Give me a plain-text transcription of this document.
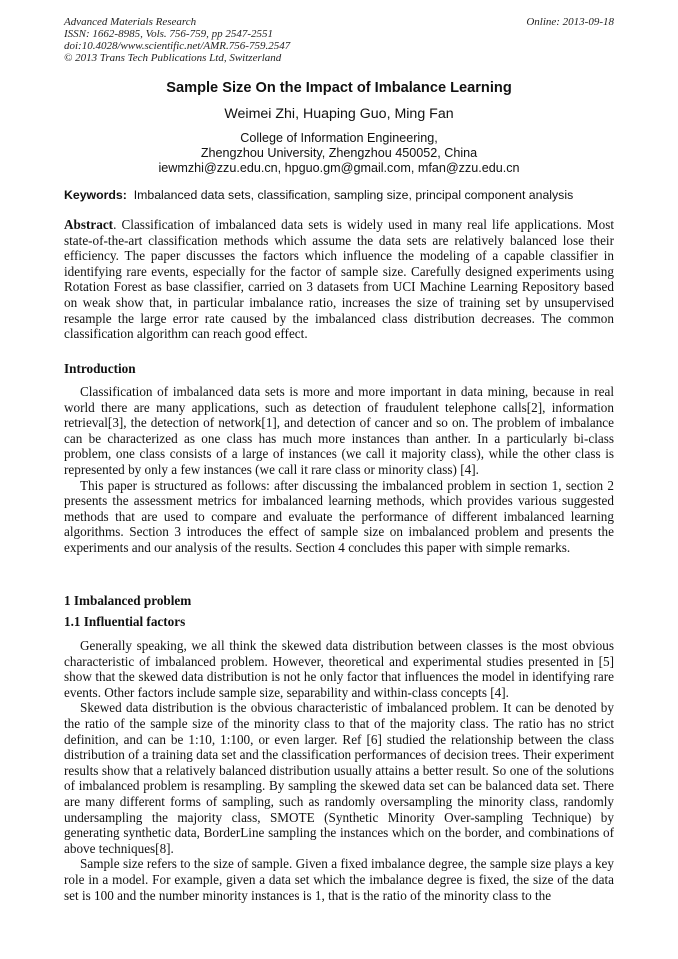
Advanced Materials Research
ISSN: 1662-8985, Vols. 756-759, pp 2547-2551
doi:10.4028/www.scientific.net/AMR.756-759.2547
© 2013 Trans Tech Publications Ltd, Switzerland
Online: 2013-09-18
Sample Size On the Impact of Imbalance Learning
Weimei Zhi, Huaping Guo, Ming Fan
College of Information Engineering,
Zhengzhou University, Zhengzhou 450052, China
iewmzhi@zzu.edu.cn, hpguo.gm@gmail.com, mfan@zzu.edu.cn
Keywords: Imbalanced data sets, classification, sampling size, principal component analysis
Abstract. Classification of imbalanced data sets is widely used in many real life applications. Most state-of-the-art classification methods which assume the data sets are relatively balanced lose their efficiency. The paper discusses the factors which influence the modeling of a capable classifier in identifying rare events, especially for the factor of sample size. Carefully designed experiments using Rotation Forest as base classifier, carried on 3 datasets from UCI Machine Learning Repository based on weak show that, in particular imbalance ratio, increases the size of training set by unsupervised resample the large error rate caused by the imbalanced class distribution decreases. The common classification algorithm can reach good effect.
Introduction

Classification of imbalanced data sets is more and more important in data mining, because in real world there are many applications, such as detection of fraudulent telephone calls[2], information retrieval[3], the detection of network[1], and detection of cancer and so on. The problem of imbalance can be characterized as one class has much more instances than anther. In a particularly bi-class problem, one class consists of a large of instances (we call it majority class), while the other class is represented by only a few instances (we call it rare class or minority class) [4].

This paper is structured as follows: after discussing the imbalanced problem in section 1, section 2 presents the assessment metrics for imbalanced learning methods, which provides various suggested methods that are used to compare and evaluate the performance of different imbalanced learning algorithms. Section 3 introduces the effect of sample size on imbalanced problem and presents the experiments and our analysis of the results. Section 4 concludes this paper with simple remarks.

1 Imbalanced problem
1.1 Influential factors

Generally speaking, we all think the skewed data distribution between classes is the most obvious characteristic of imbalanced problem. However, theoretical and experimental studies presented in [5] show that the skewed data distribution is not he only factor that influences the model in identifying rare events. Other factors include sample size, separability and within-class concepts [4].

Skewed data distribution is the obvious characteristic of imbalanced problem. It can be denoted by the ratio of the sample size of the minority class to that of the majority class. The ratio has no strict definition, and can be 1:10, 1:100, or even larger. Ref [6] studied the relationship between the class distribution of a training data set and the classification performances of decision trees. Their experiment results show that a relatively balanced distribution usually attains a better result. So one of the solutions of imbalanced problem is resampling. By sampling the skewed data set can be balanced data set. There are many different forms of sampling, such as randomly oversampling the minority class, randomly undersampling the majority class, SMOTE (Synthetic Minority Over-sampling Technique) by generating synthetic data, BorderLine sampling the instances which on the border, and combinations of above techniques[8].

Sample size refers to the size of sample. Given a fixed imbalance degree, the sample size plays a key role in a model. For example, given a data set which the imbalance degree is fixed, the size of the data set is 100 and the number minority instances is 1, that is the ratio of the minority class to the
